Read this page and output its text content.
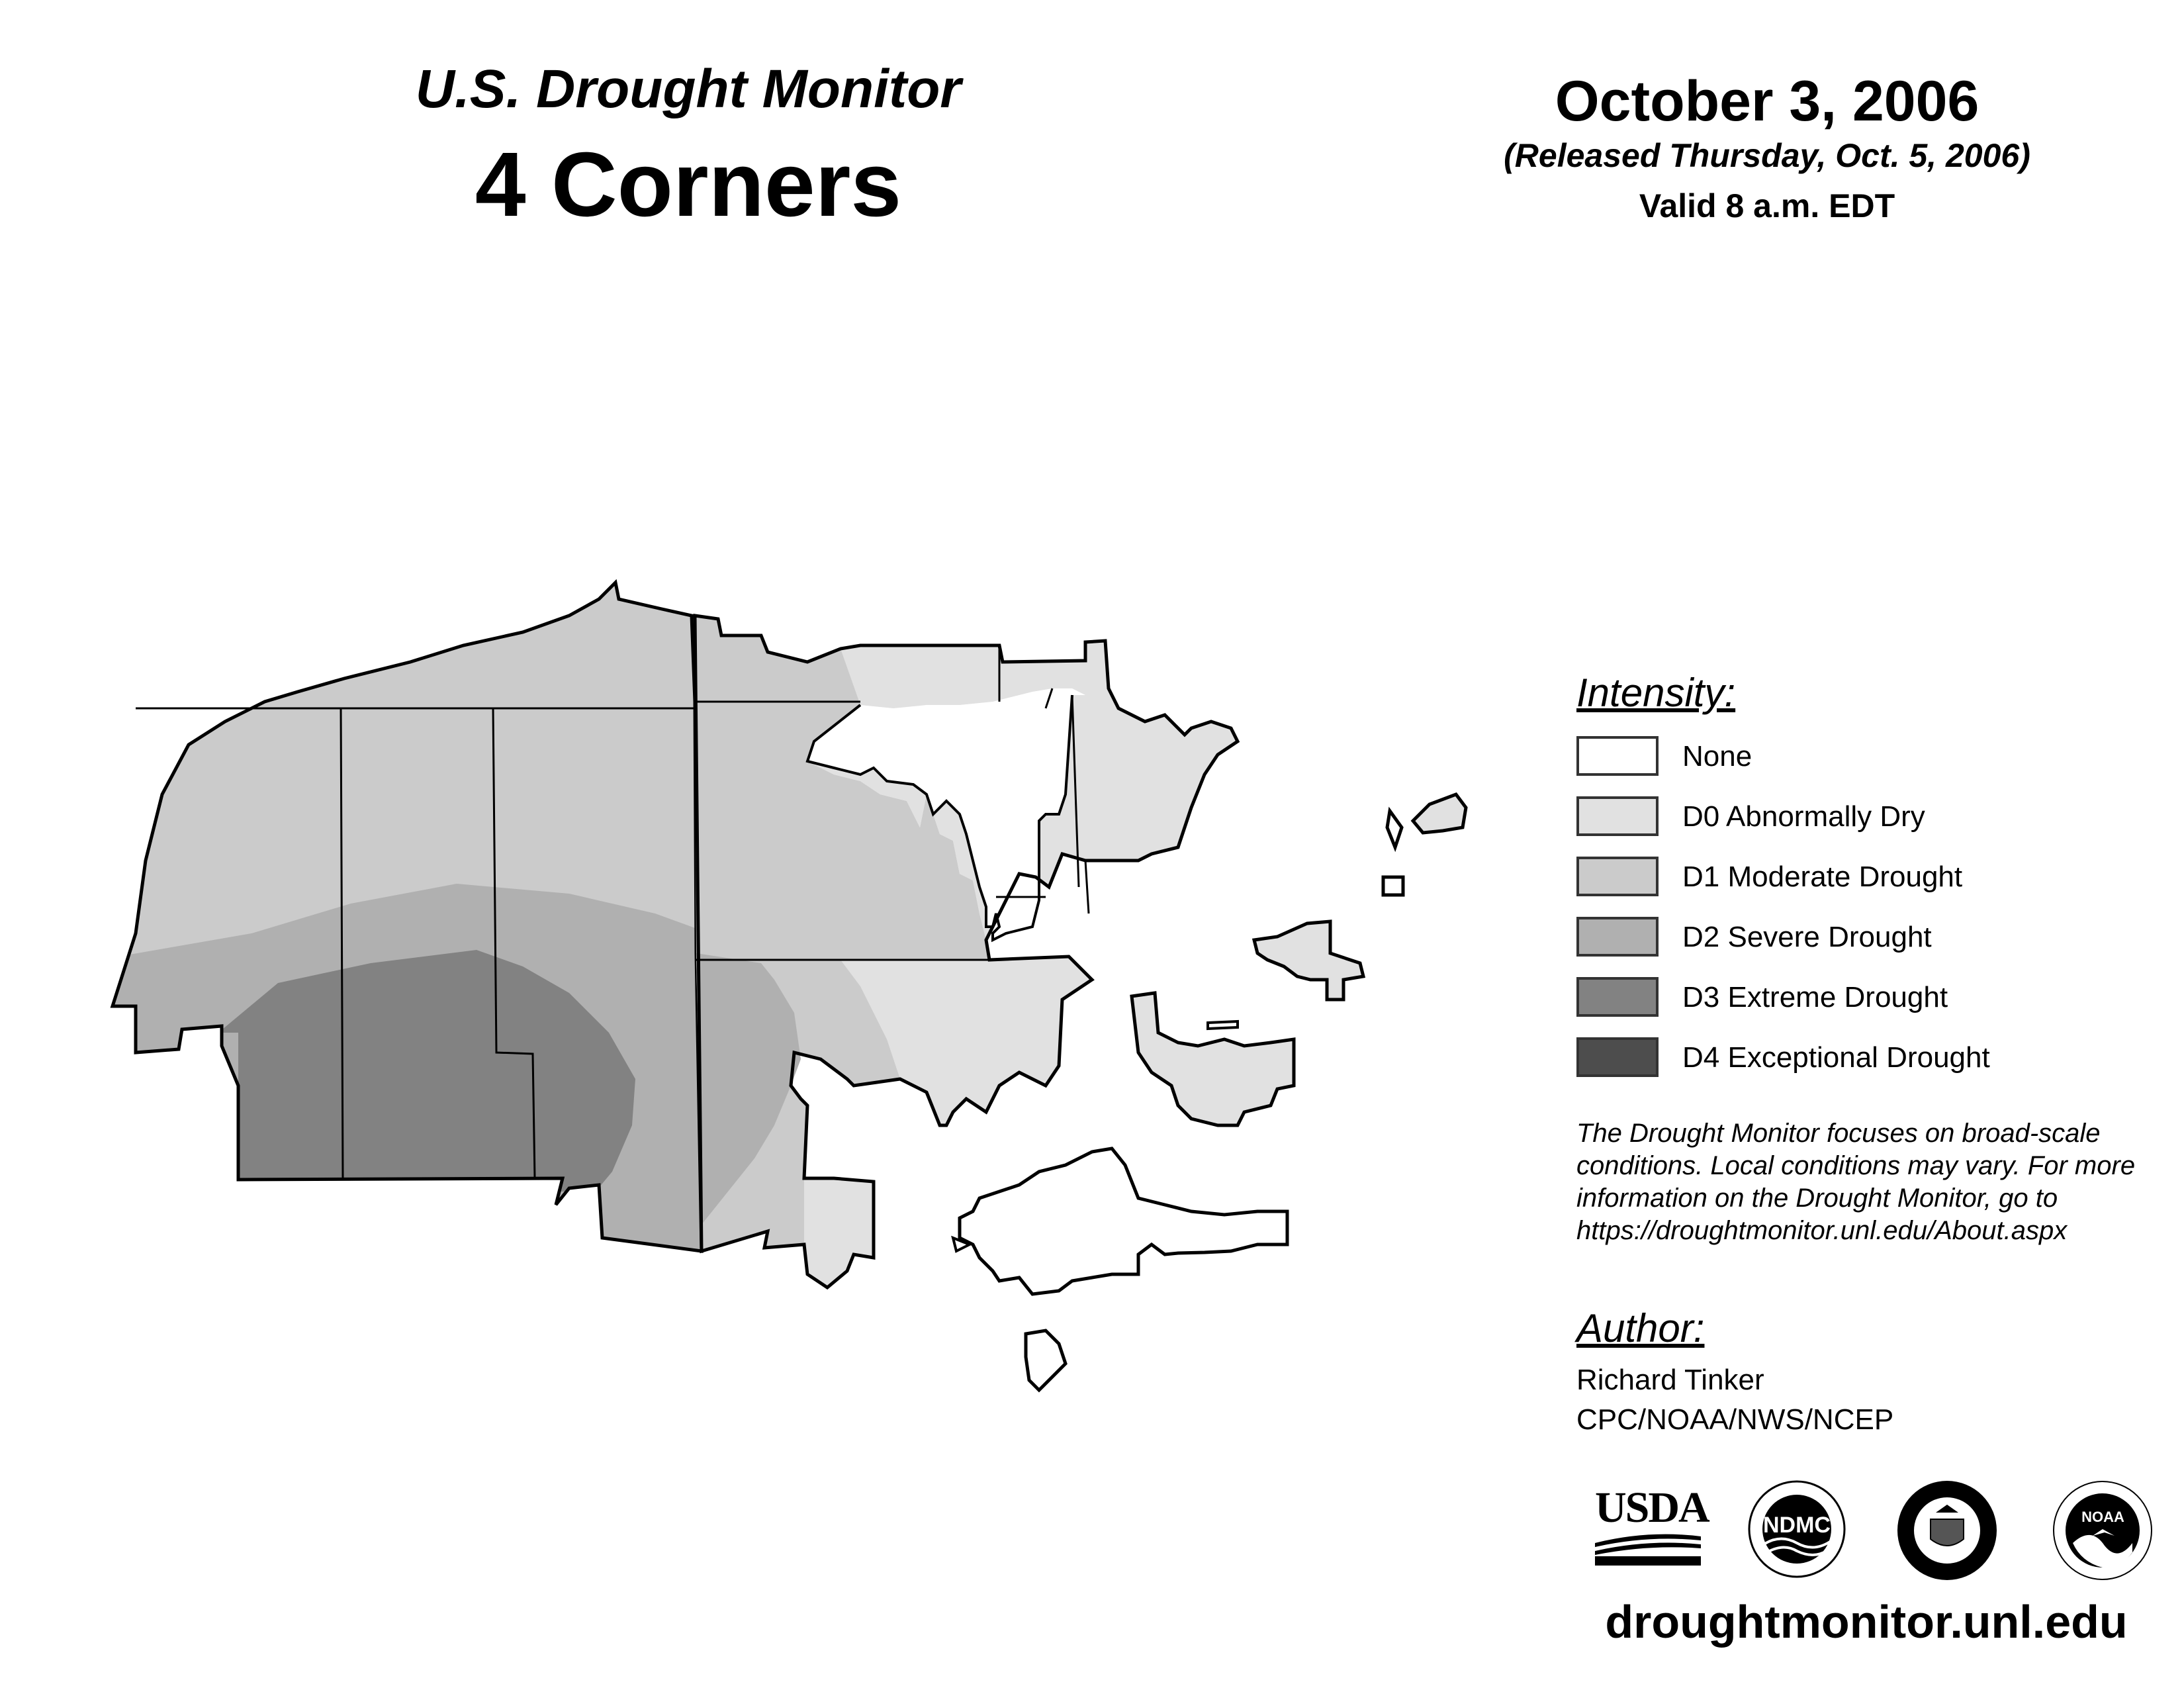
U.S. Drought Monitor
4 Corners
October 3, 2006
(Released Thursday, Oct. 5, 2006)
Valid 8 a.m. EDT
Intensity:
None
D0 Abnormally Dry
D1 Moderate Drought
D2 Severe Drought
D3 Extreme Drought
D4 Exceptional Drought
The Drought Monitor focuses on broad-scale conditions. Local conditions may vary. For more information on the Drought Monitor, go to https://droughtmonitor.unl.edu/About.aspx
Author:
Richard Tinker
CPC/NOAA/NWS/NCEP
USDA	NDMC	NOAA
droughtmonitor.unl.edu
